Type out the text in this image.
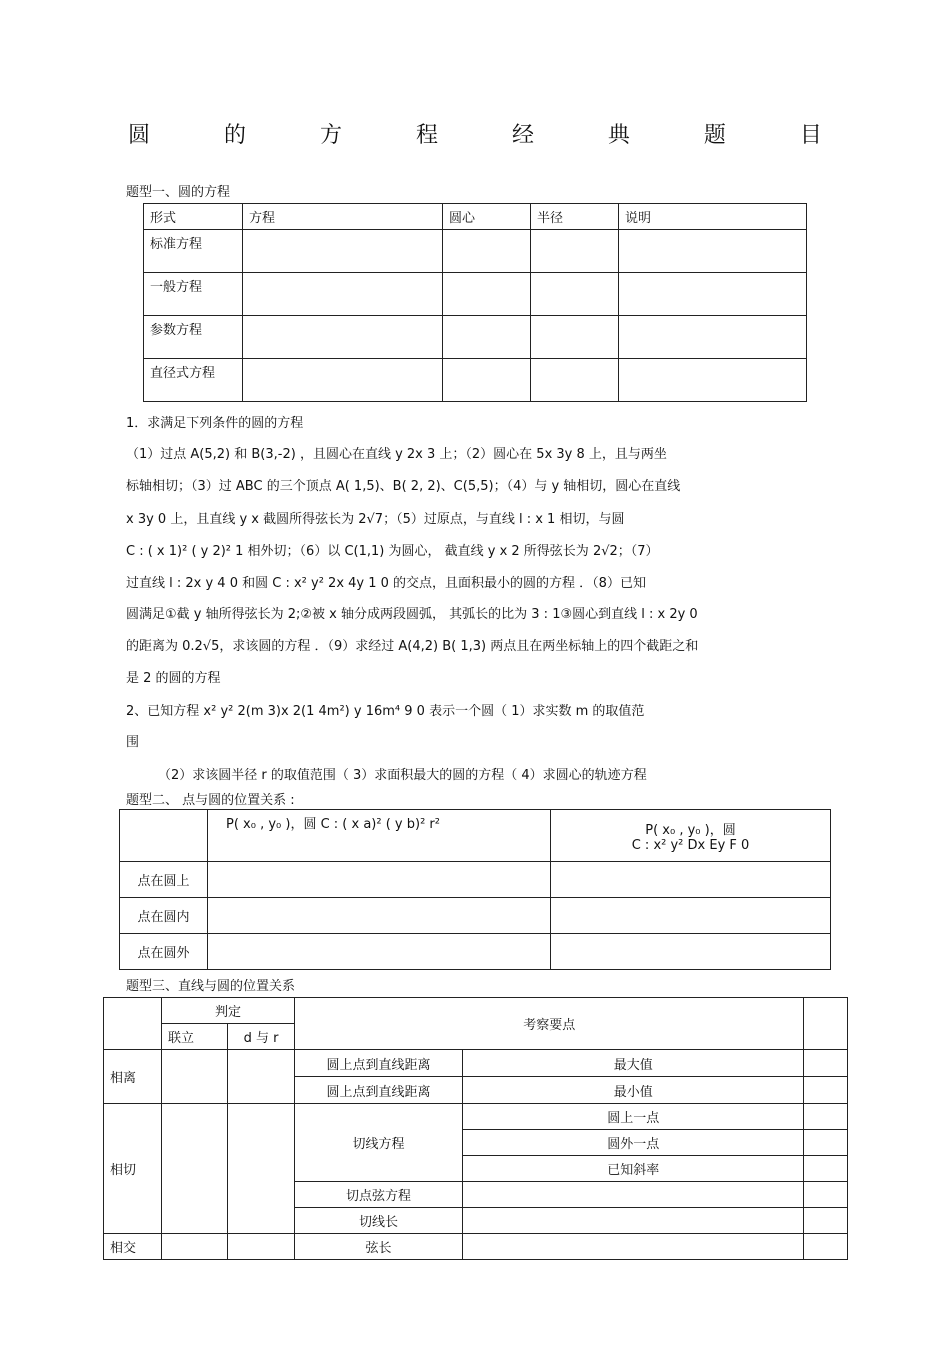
圆	的	方	程	经	典	题	目
题型一、圆的方程
形式	方程	圆心	半径	说明
标准方程				
一般方程				
参数方程				
直径式方程				
1．求满足下列条件的圆的方程
（1）过点 A(5,2) 和 B(3,-2) ，且圆心在直线 y 2x 3 上；（2）圆心在 5x 3y 8 上，且与两坐
标轴相切；（3）过 ABC 的三个顶点 A( 1,5)、B( 2, 2)、C(5,5)；（4）与 y 轴相切，圆心在直线
x 3y 0 上，且直线 y x 截圆所得弦长为 2√7；（5）过原点，与直线 l : x 1 相切，与圆
C : ( x 1)² ( y 2)² 1 相外切；（6）以 C(1,1) 为圆心， 截直线 y x 2 所得弦长为 2√2；（7）
过直线 l : 2x y 4 0 和圆 C : x² y² 2x 4y 1 0 的交点，且面积最小的圆的方程 ．（8）已知
圆满足①截 y 轴所得弦长为 2;②被 x 轴分成两段圆弧， 其弧长的比为 3 : 1③圆心到直线 l : x 2y 0
的距离为 0.2√5，求该圆的方程 ．（9）求经过 A(4,2) B( 1,3) 两点且在两坐标轴上的四个截距之和
是 2 的圆的方程
2、已知方程 x² y² 2(m 3)x 2(1 4m²) y 16m⁴ 9 0 表示一个圆（ 1）求实数 m 的取值范
围
（2）求该圆半径 r 的取值范围（ 3）求面积最大的圆的方程（ 4）求圆心的轨迹方程
题型二、 点与圆的位置关系 :
	P( x₀ , y₀ )，圆 C : ( x a)² ( y b)² r²	P( x₀ , y₀ )，圆
C : x² y² Dx Ey F 0

点在圆上		
点在圆内		
点在圆外		
题型三、直线与圆的位置关系
	判定		考察要点		
	联立	d 与 r			
相离			圆上点到直线距离	最大值	
			圆上点到直线距离	最小值	
相切			切线方程	圆上一点	
				圆外一点	
				已知斜率	
			切点弦方程		
			切线长		
相交			弦长		
